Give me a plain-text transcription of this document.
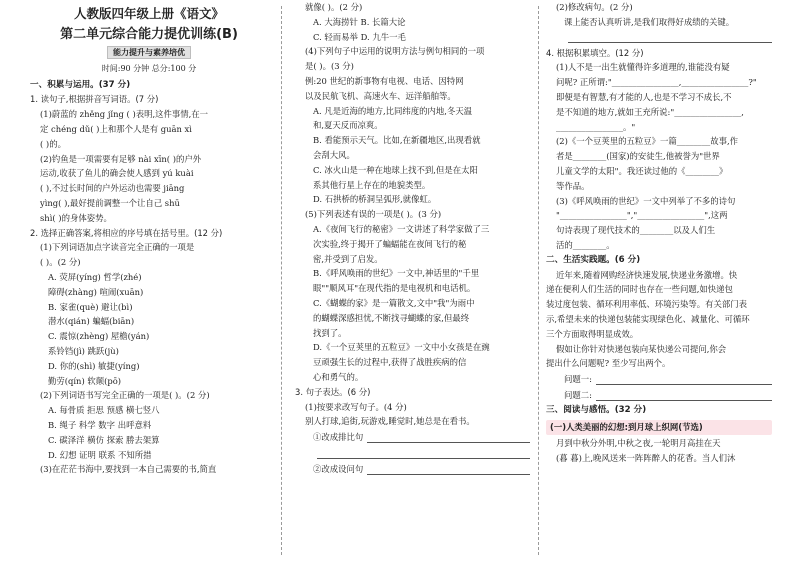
人教版四年级上册《语文》
第二单元综合能力提优训练(B)
能力提升与素养培优
时间:90 分钟 总分:100 分
一、积累与运用。(37 分)
1. 读句子,根据拼音写词语。(7 分)
(1)蔚蓝的 zhěng jǐng ( )表明,这件事情,在一
定 chéng dǔ( )上和那个人是有 guān xì
( )的。
(2)钓鱼是一项需要有足够 nài xīn( )的户外
运动,收获了鱼儿的确会使人感到 yú kuài
( ),不过长时间的户外运动也需要 jiāng
yìng( ),最好提前调整一个让自己 shū
shì( )的身体姿势。
2. 选择正确答案,将相应的序号填在括号里。(12 分)
(1)下列词语加点字读音完全正确的一项是
( )。(2 分)
A. 荧屏(yíng) 哲学(zhé)
障碍(zhàng) 喧闹(xuān)
B. 家雀(què) 避让(bì)
潜水(qián) 蝙蝠(biān)
C. 震惊(zhèng) 屋檐(yán)
系铃铛(jì) 跳跃(jù)
D. 你的(shì) 敏捷(yíng)
勤劳(qín) 软颠(pō)
(2)下列词语书写完全正确的一项是( )。(2 分)
A. 每骨质 拒思 预感 横七竖八
B. 绳子 科学 数字 出呼意料
C. 碳泽洋 横仿 探索 勝去架算
D. 幻想 证明 联系 不知所措
(3)在茫茫书海中,要找到一本自己需要的书,简直
就像( )。(2 分)
A. 大海捞针 B. 长篇大论
C. 轻而易举 D. 九牛一毛
(4)下列句子中运用的说明方法与例句相同的一项
是( )。(3 分)
例:20 世纪的新事物有电视、电话、因特网
以及民航飞机、高速火车、远洋船舶等。
A. 凡是近海的地方,比同纬度的内地,冬天温
和,夏天反而凉爽。
B. 看能预示天气。比如,在新疆地区,出现看就
会刮大风。
C. 冰火山是一种在地球上找不到,但是在太阳
系其他行星上存在的地貌类型。
D. 石拱桥的桥洞呈弧形,就像虹。
(5)下列表述有误的一项是( )。(3 分)
A.《夜间飞行的秘密》一文讲述了科学家做了三
次实验,终于揭开了蝙蝠能在夜间飞行的秘
密,并受到了启发。
B.《呼风唤雨的世纪》一文中,神话里的"千里
眼""顺风耳"在现代指的是电视机和电话机。
C.《蝴蝶的家》是一篇散文,文中"我"为雨中
的蝴蝶深感担忧,不断找寻蝴蝶的家,但最终
找到了。
D.《一个豆荚里的五粒豆》一文中小女孩是在豌
豆顽强生长的过程中,获得了战胜疾病的信
心和勇气的。
3. 句子表达。(6 分)
(1)按要求改写句子。(4 分)
别人打球,追街,玩游戏,睡觉时,她总是在看书。
①改成排比句
②改成设问句
(2)修改病句。(2 分)
课上能否认真听讲,是我们取得好成绩的关键。
4. 根据积累填空。(12 分)
(1)人不是一出生就懂得许多道理的,谁能没有疑
问呢? 正所谓:"________________,________________?"
即便是有智慧,有才能的人,也是不学习不成长,不
是不知道的地方,就如王充所说:"________________,
________________。"
(2)《一个豆荚里的五粒豆》一篇________故事,作
者是________(国家)的安徒生,他被誉为"世界
儿童文学的太阳"。我还读过他的《________》
等作品。
(3)《呼风唤雨的世纪》一文中列举了不多的诗句
"________________","________________",这两
句诗表现了现代技术的________以及人们生
活的________。
二、生活实践题。(6 分)
近年来,随着网购经济快速发展,快递业务激增。快
递在便利人们生活的同时也存在一些问题,如快递包
装过度包装、循环利用率低、环境污染等。有关部门表
示,希望未来的快递包装能实现绿色化、减量化、可循环
三个方面取得明显成效。
假如让你针对快递包装向某快递公司提问,你会
提出什么问题呢? 至少写出两个。
问题一:
问题二:
三、阅读与感悟。(32 分)
(一)人类美丽的幻想:到月球上织网(节选)
月到中秋分外明,中秋之夜,一轮明月高挂在天
(暮 暮)上,晚风送来一阵阵醉人的花香。当人们沐
